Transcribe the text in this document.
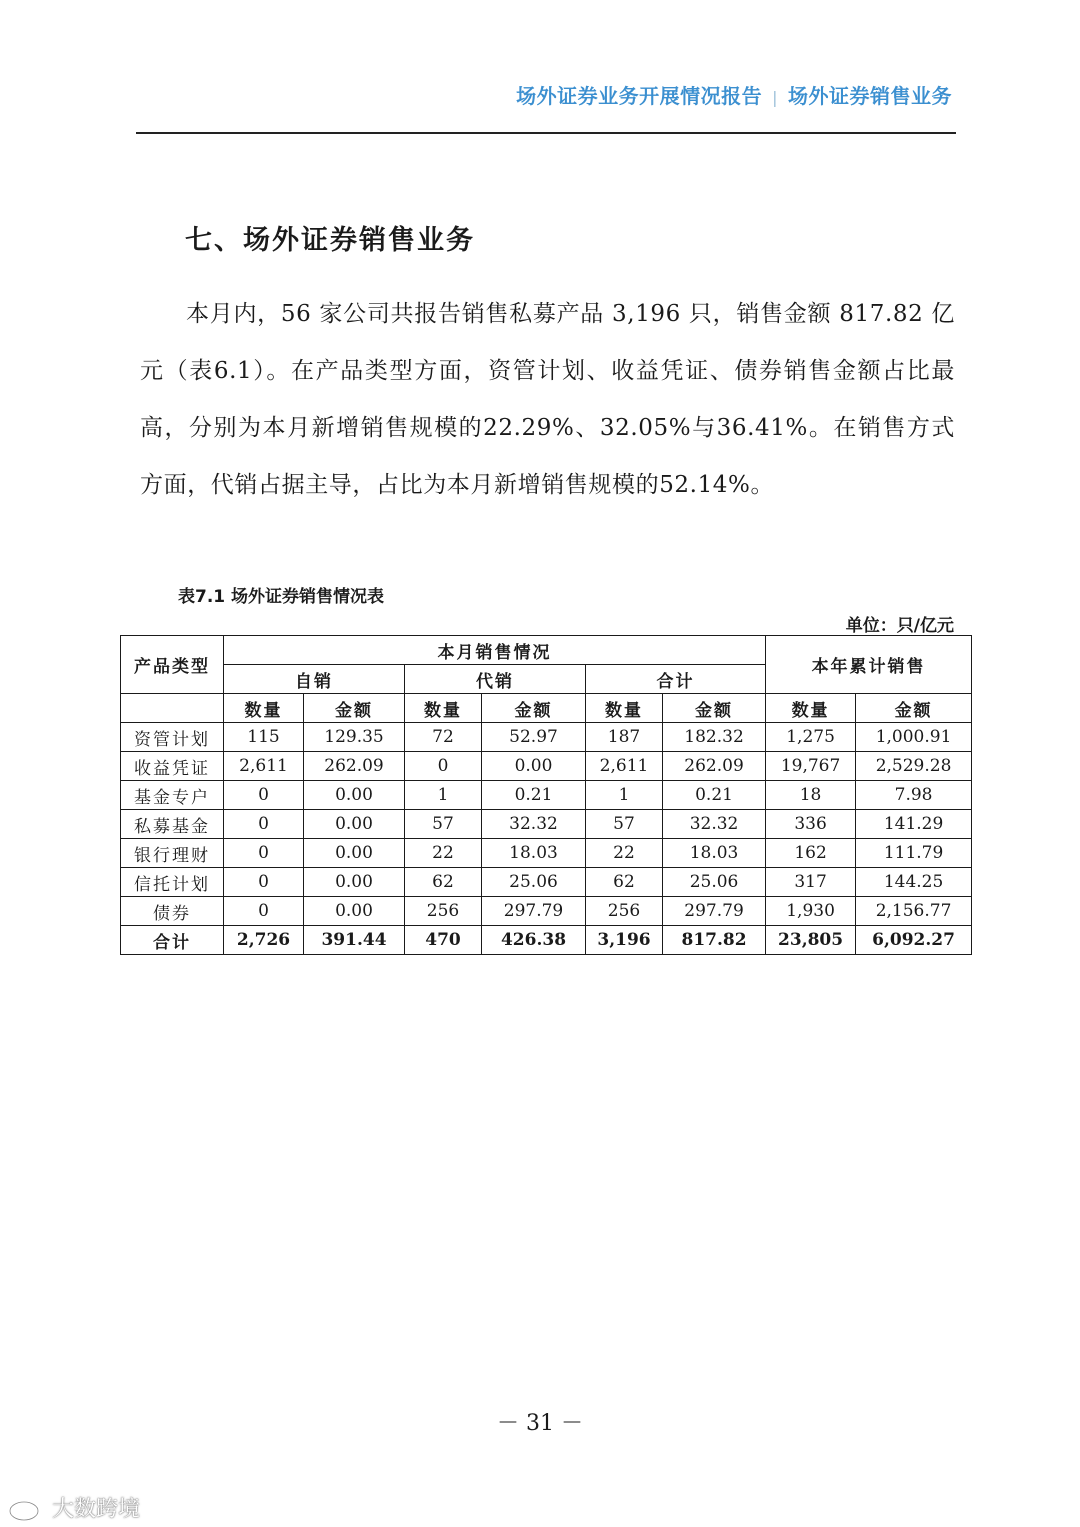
场外证券业务开展情况报告 | 场外证券销售业务
七、场外证券销售业务
本月内，56 家公司共报告销售私募产品 3,196 只，销售金额 817.82 亿元（表6.1）。在产品类型方面，资管计划、收益凭证、债券销售金额占比最高，分别为本月新增销售规模的22.29%、32.05%与36.41%。在销售方式方面，代销占据主导，占比为本月新增销售规模的52.14%。
表7.1 场外证券销售情况表
单位：只/亿元
产品类型	本月销售情况						本年累计销售	
	自销		代销		合计			
	数量	金额	数量	金额	数量	金额	数量	金额
资管计划	115	129.35	72	52.97	187	182.32	1,275	1,000.91
收益凭证	2,611	262.09	0	0.00	2,611	262.09	19,767	2,529.28
基金专户	0	0.00	1	0.21	1	0.21	18	7.98
私募基金	0	0.00	57	32.32	57	32.32	336	141.29
银行理财	0	0.00	22	18.03	22	18.03	162	111.79
信托计划	0	0.00	62	25.06	62	25.06	317	144.25
债券	0	0.00	256	297.79	256	297.79	1,930	2,156.77
合计	2,726	391.44	470	426.38	3,196	817.82	23,805	6,092.27
－ 31 －
大数跨境
